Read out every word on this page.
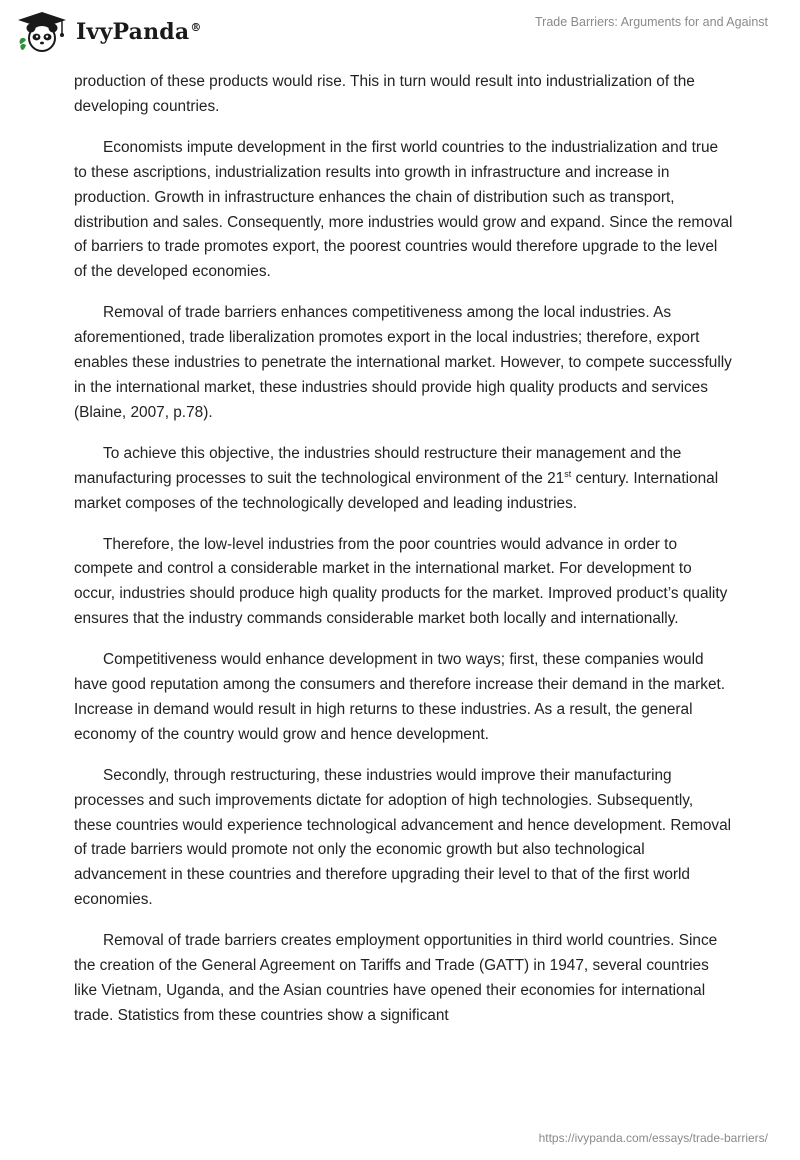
IvyPanda®	Trade Barriers: Arguments for and Against

production of these products would rise. This in turn would result into industrialization of the developing countries.

Economists impute development in the first world countries to the industrialization and true to these ascriptions, industrialization results into growth in infrastructure and increase in production. Growth in infrastructure enhances the chain of distribution such as transport, distribution and sales. Consequently, more industries would grow and expand. Since the removal of barriers to trade promotes export, the poorest countries would therefore upgrade to the level of the developed economies.

Removal of trade barriers enhances competitiveness among the local industries. As aforementioned, trade liberalization promotes export in the local industries; therefore, export enables these industries to penetrate the international market. However, to compete successfully in the international market, these industries should provide high quality products and services (Blaine, 2007, p.78).

To achieve this objective, the industries should restructure their management and the manufacturing processes to suit the technological environment of the 21st century. International market composes of the technologically developed and leading industries.

Therefore, the low-level industries from the poor countries would advance in order to compete and control a considerable market in the international market. For development to occur, industries should produce high quality products for the market. Improved product’s quality ensures that the industry commands considerable market both locally and internationally.

Competitiveness would enhance development in two ways; first, these companies would have good reputation among the consumers and therefore increase their demand in the market. Increase in demand would result in high returns to these industries. As a result, the general economy of the country would grow and hence development.

Secondly, through restructuring, these industries would improve their manufacturing processes and such improvements dictate for adoption of high technologies. Subsequently, these countries would experience technological advancement and hence development. Removal of trade barriers would promote not only the economic growth but also technological advancement in these countries and therefore upgrading their level to that of the first world economies.

Removal of trade barriers creates employment opportunities in third world countries. Since the creation of the General Agreement on Tariffs and Trade (GATT) in 1947, several countries like Vietnam, Uganda, and the Asian countries have opened their economies for international trade. Statistics from these countries show a significant

https://ivypanda.com/essays/trade-barriers/
